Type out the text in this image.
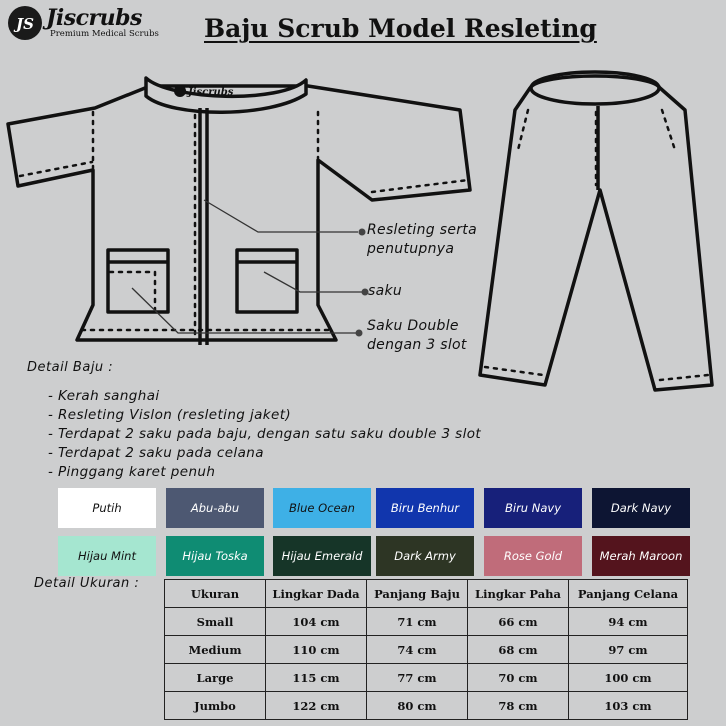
JS Jiscrubs
Premium Medical Scrubs Baju Scrub Model Resleting
Jiscrubs
Resleting serta
penutupnya
saku
Saku Double
dengan 3 slot
Detail Baju :
- Kerah sanghai
- Resleting Vislon (resleting jaket)
- Terdapat 2 saku pada baju, dengan satu saku double 3 slot
- Terdapat 2 saku pada celana
- Pinggang karet penuh
Putih	Abu-abu	Blue Ocean	Biru Benhur	Biru Navy	Dark Navy
Hijau Mint	Hijau Toska	Hijau Emerald	Dark Army	Rose Gold	Merah Maroon
Detail Ukuran :
Ukuran	Lingkar Dada	Panjang Baju	Lingkar Paha	Panjang Celana
Small	104 cm	71 cm	66 cm	94 cm
Medium	110 cm	74 cm	68 cm	97 cm
Large	115 cm	77 cm	70 cm	100 cm
Jumbo	122 cm	80 cm	78 cm	103 cm
